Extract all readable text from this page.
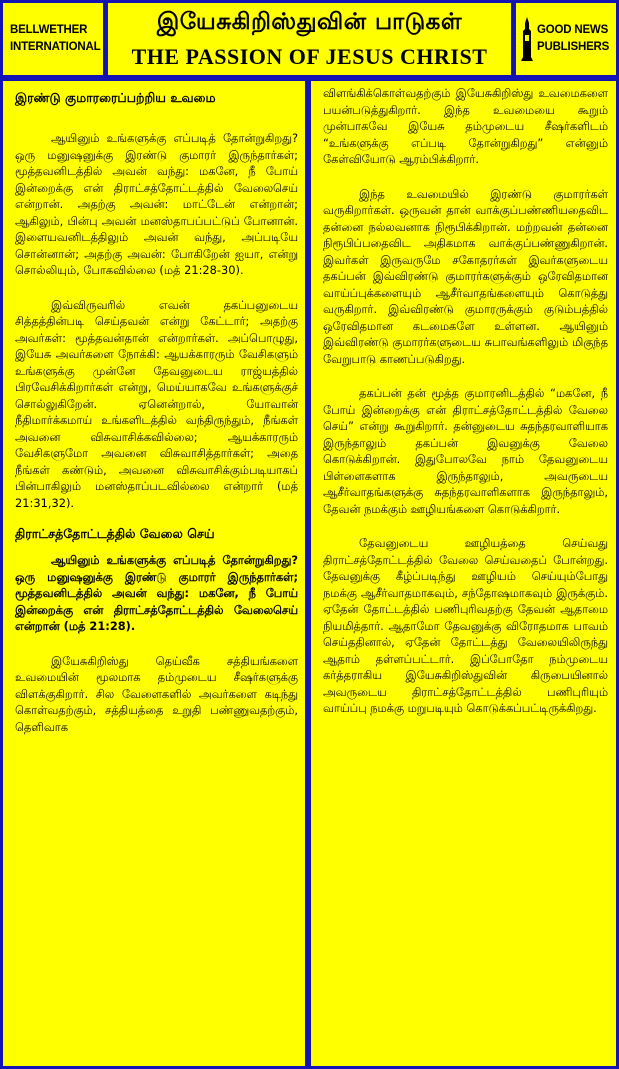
BELLWETHER
INTERNATIONAL
இயேசுகிறிஸ்துவின் பாடுகள்
THE PASSION OF JESUS CHRIST
GOOD NEWS
PUBLISHERS
இரண்டு குமாரரைப்பற்றிய உவமை

ஆயினும் உங்களுக்கு எப்படித் தோன்றுகிறது? ஒரு மனுஷனுக்கு இரண்டு குமாரர் இருந்தார்கள்; மூத்தவனிடத்தில் அவன் வந்து: மகனே, நீ போய் இன்றைக்கு என் திராட்சத்தோட்டத்தில் வேலைசெய் என்றான். அதற்கு அவன்: மாட்டேன் என்றான்; ஆகிலும், பின்பு அவன் மனஸ்தாபப்பட்டுப் போனான். இளையவனிடத்திலும் அவன் வந்து, அப்படியே சொன்னான்; அதற்கு அவன்: போகிறேன் ஐயா, என்று சொல்லியும், போகவில்லை (மத் 21:28-30).

இவ்விருவரில் எவன் தகப்பனுடைய சித்தத்தின்படி செய்தவன் என்று கேட்டார்; அதற்கு அவர்கள்: மூத்தவன்தான் என்றார்கள். அப்பொழுது, இயேசு அவர்களை நோக்கி: ஆயக்காரரும் வேசிகளும் உங்களுக்கு முன்னே தேவனுடைய ராஜ்யத்தில் பிரவேசிக்கிறார்கள் என்று, மெய்யாகவே உங்களுக்குச் சொல்லுகிறேன். ஏனென்றால், யோவான் நீதிமார்க்கமாய் உங்களிடத்தில் வந்திருந்தும், நீங்கள் அவனை விசுவாசிக்கவில்லை; ஆயக்காரரும் வேசிகளுமோ அவனை விசுவாசித்தார்கள்; அதை நீங்கள் கண்டும், அவனை விசுவாசிக்கும்படியாகப் பின்பாகிலும் மனஸ்தாப்படவில்லை என்றார் (மத் 21:31,32).

திராட்சத்தோட்டத்தில் வேலை செய்

ஆயினும் உங்களுக்கு எப்படித் தோன்றுகிறது? ஒரு மனுஷனுக்கு இரண்டு குமாரர் இருந்தார்கள்; மூத்தவனிடத்தில் அவன் வந்து: மகனே, நீ போய் இன்றைக்கு என் திராட்சத்தோட்டத்தில் வேலைசெய் என்றான் (மத் 21:28).

இயேசுகிறிஸ்து தெய்வீக சத்தியங்களை உவமையின் மூலமாக தம்முடைய சீஷர்களுக்கு விளக்குகிறார். சில வேளைகளில் அவர்களை கடிந்து கொள்வதற்கும், சத்தியத்தை உறுதி பண்ணுவதற்கும், தெளிவாக

விளங்கிக்கொள்வதற்கும் இயேசுகிறிஸ்து உவமைகளை பயன்படுத்துகிறார். இந்த உவமையை கூறும் முன்பாகவே இயேசு தம்முடைய சீஷர்களிடம் “உங்களுக்கு எப்படி தோன்றுகிறது” என்னும் கேள்வியோடு ஆரம்பிக்கிறார்.

இந்த உவமையில் இரண்டு குமாரர்கள் வருகிறார்கள். ஒருவன் தான் வாக்குப்பண்ணியதைவிட தன்னை நல்லவனாக நிரூபிக்கிறான். மற்றவன் தன்னை நிரூபிப்பதைவிட அதிகமாக வாக்குப்பண்ணுகிறான். இவர்கள் இருவருமே சகோதரர்கள் இவர்களுடைய தகப்பன் இவ்விரண்டு குமாரர்களுக்கும் ஒரேவிதமான வாய்ப்புக்களையும் ஆசீர்வாதங்களையும் கொடுத்து வருகிறார். இவ்விரண்டு குமாரருக்கும் குடும்பத்தில் ஒரேவிதமான கடமைகளே உள்ளன. ஆயினும் இவ்விரண்டு குமாரர்களுடைய சுபாவங்களிலும் மிகுந்த வேறுபாடு காணப்படுகிறது.

தகப்பன் தன் மூத்த குமாரனிடத்தில் “மகனே, நீ போய் இன்றைக்கு என் திராட்சத்தோட்டத்தில் வேலை செய்” என்று கூறுகிறார். தன்னுடைய சுதந்தரவாளியாக இருந்தாலும் தகப்பன் இவனுக்கு வேலை கொடுக்கிறான். இதுபோலவே நாம் தேவனுடைய பிள்ளைகளாக இருந்தாலும், அவருடைய ஆசீர்வாதங்களுக்கு சுதந்தரவாளிகளாக இருந்தாலும், தேவன் நமக்கும் ஊழியங்களை கொடுக்கிறார்.

தேவனுடைய ஊழியத்தை செய்வது திராட்சத்தோட்டத்தில் வேலை செய்வதைப் போன்றது. தேவனுக்கு கீழ்ப்படிந்து ஊழியம் செய்யும்போது நமக்கு ஆசீர்வாதமாகவும், சந்தோஷமாகவும் இருக்கும். ஏதேன் தோட்டத்தில் பணிபுரிவதற்கு தேவன் ஆதாமை நியமித்தார். ஆதாமோ தேவனுக்கு விரோதமாக பாவம் செய்ததினால், ஏதேன் தோட்டத்து வேலையிலிருந்து ஆதாம் தள்ளப்பட்டார். இப்போதோ நம்முடைய கர்த்தராகிய இயேசுகிறிஸ்துவின் கிருபையினால் அவருடைய திராட்சத்தோட்டத்தில் பணிபுரியும் வாய்ப்பு நமக்கு மறுபடியும் கொடுக்கப்பட்டிருக்கிறது.
